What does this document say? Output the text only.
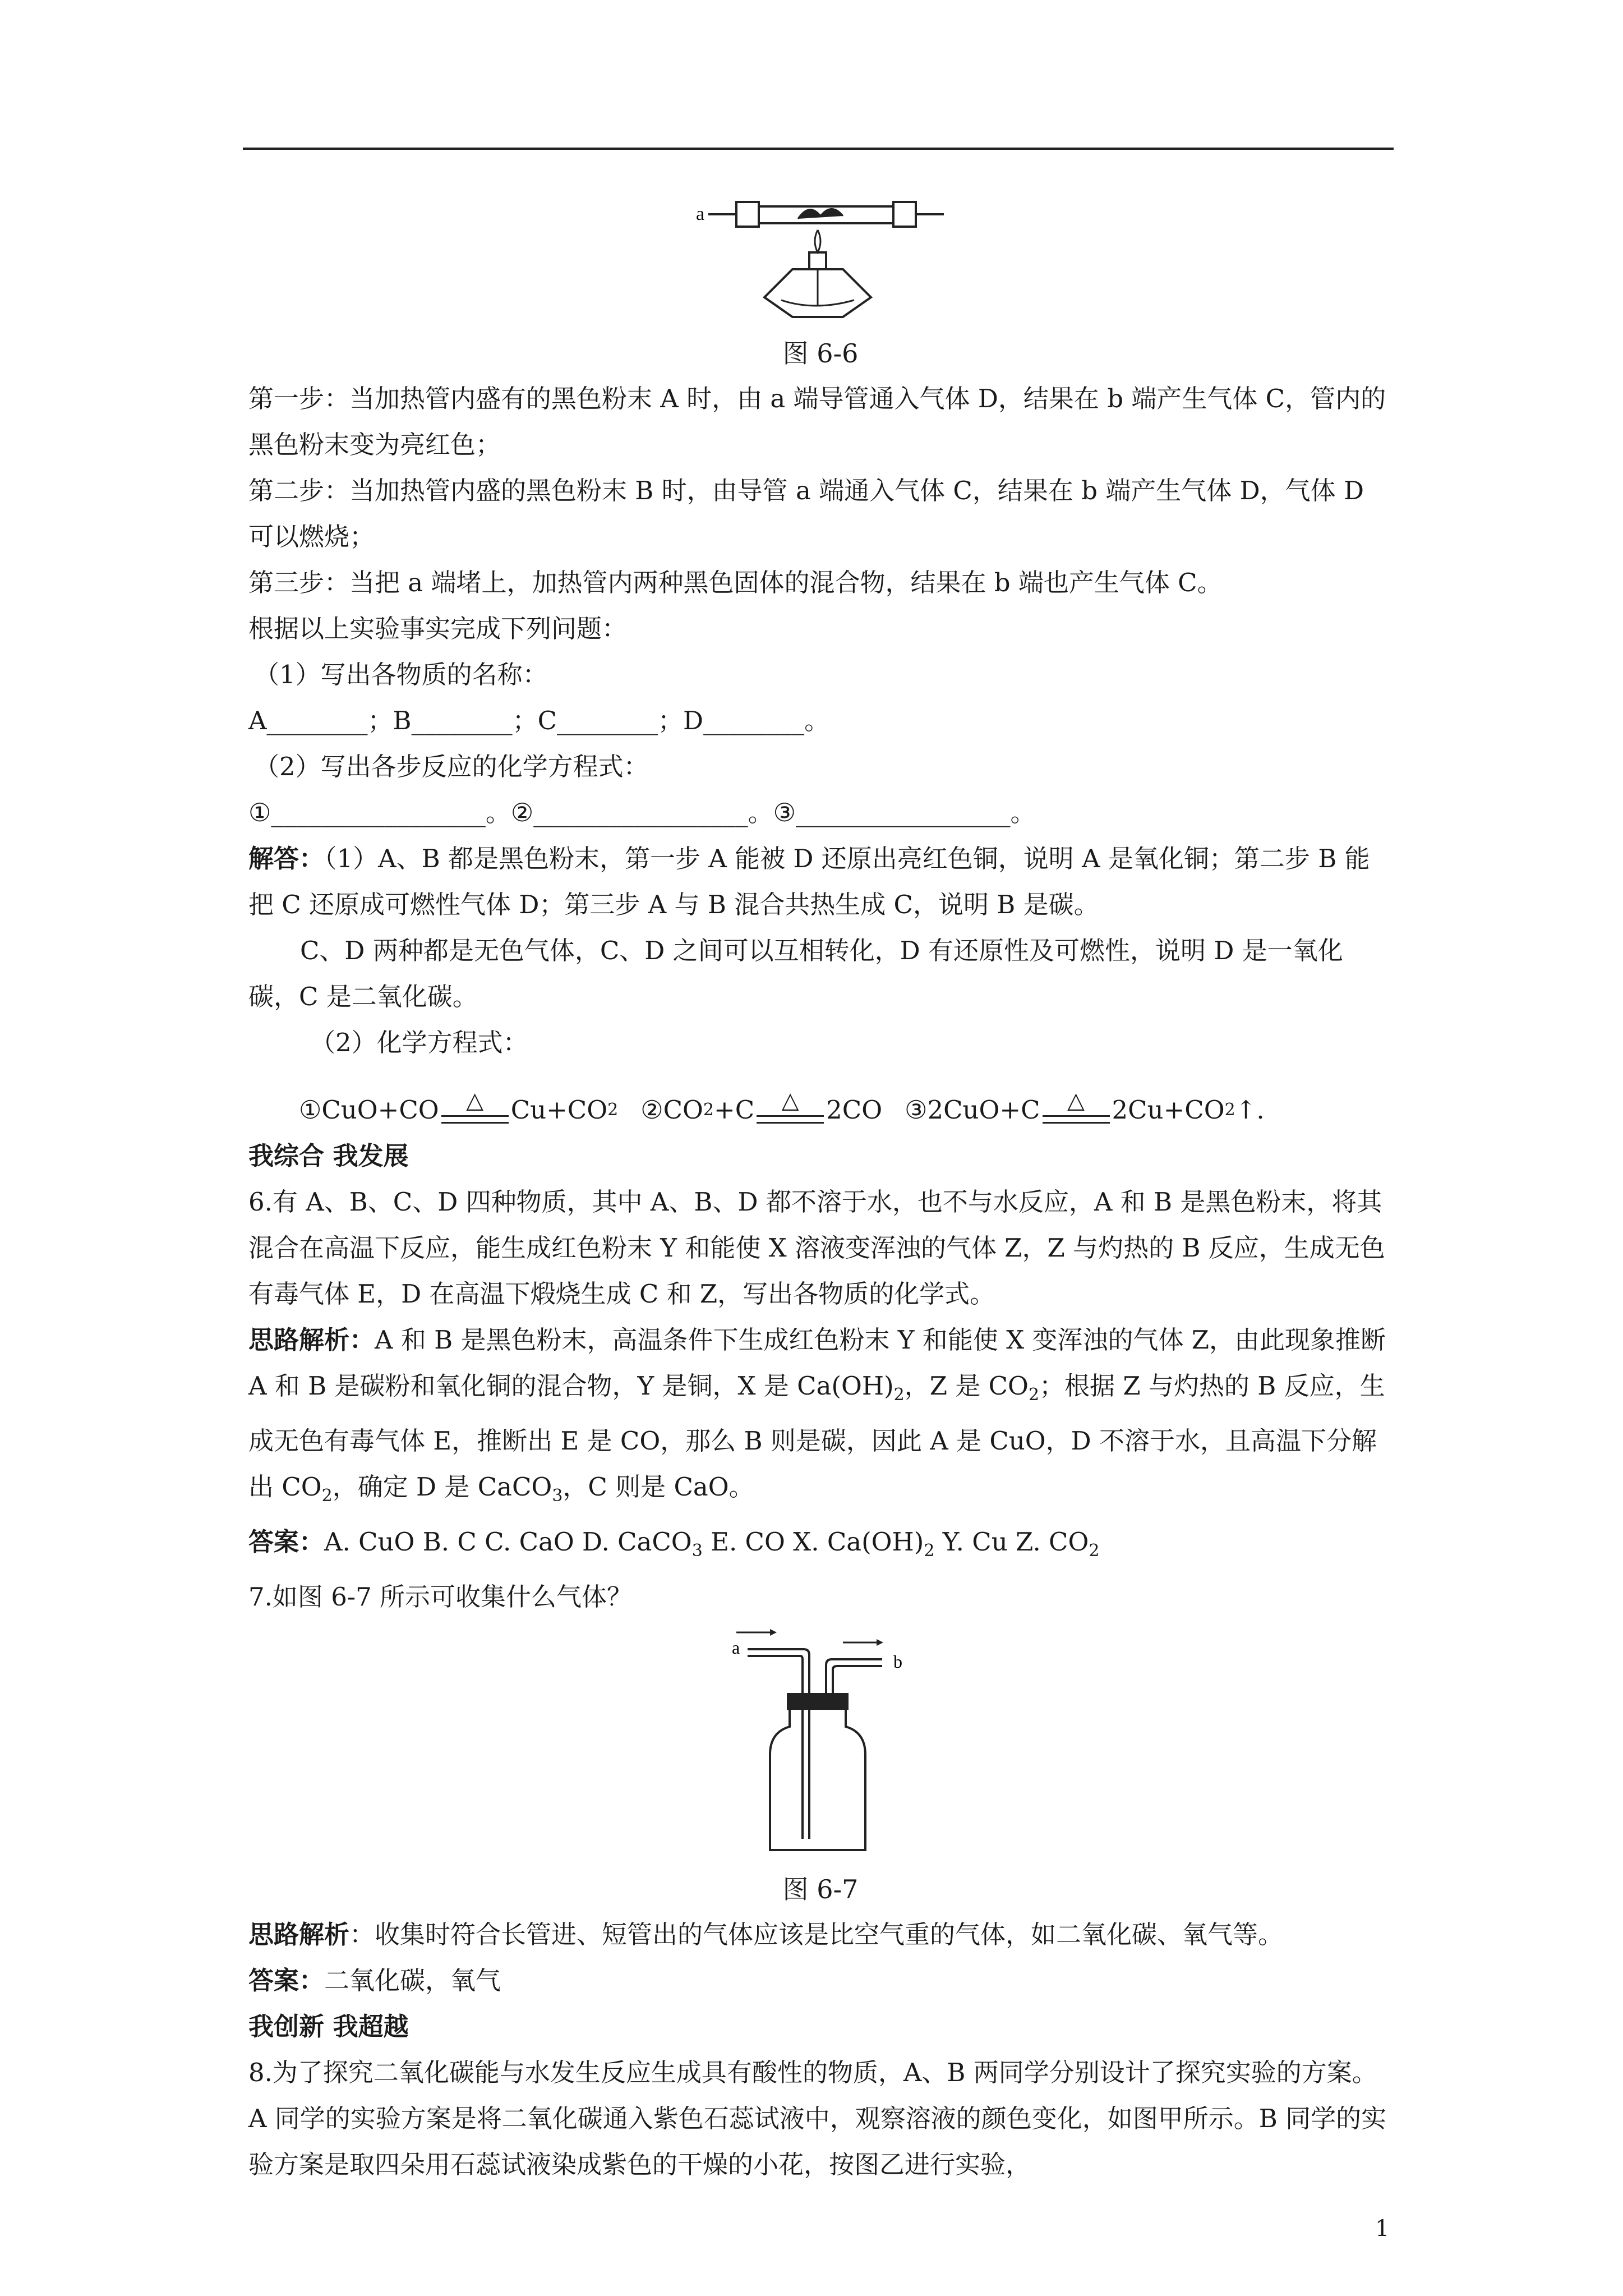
a
图 6-6

第一步：当加热管内盛有的黑色粉末 A 时，由 a 端导管通入气体 D，结果在 b 端产生气体 C，管内的黑色粉末变为亮红色；

第二步：当加热管内盛的黑色粉末 B 时，由导管 a 端通入气体 C，结果在 b 端产生气体 D，气体 D 可以燃烧；

第三步：当把 a 端堵上，加热管内两种黑色固体的混合物，结果在 b 端也产生气体 C。

根据以上实验事实完成下列问题：

（1）写出各物质的名称：

A________；B________；C________；D________。

（2）写出各步反应的化学方程式：

①_________________。②_________________。③_________________。

解答：（1）A、B 都是黑色粉末，第一步 A 能被 D 还原出亮红色铜，说明 A 是氧化铜；第二步 B 能把 C 还原成可燃性气体 D；第三步 A 与 B 混合共热生成 C，说明 B 是碳。

C、D 两种都是无色气体，C、D 之间可以互相转化，D 有还原性及可燃性，说明 D 是一氧化碳，C 是二氧化碳。

（2）化学方程式：

①CuO+CO	△	Cu+CO 2 ②CO 2 +C	△	2CO ③2CuO+C	△	2Cu+CO 2 ↑.

我综合 我发展

6.有 A、B、C、D 四种物质，其中 A、B、D 都不溶于水，也不与水反应，A 和 B 是黑色粉末，将其混合在高温下反应，能生成红色粉末 Y 和能使 X 溶液变浑浊的气体 Z，Z 与灼热的 B 反应，生成无色有毒气体 E，D 在高温下煅烧生成 C 和 Z，写出各物质的化学式。

思路解析：A 和 B 是黑色粉末，高温条件下生成红色粉末 Y 和能使 X 变浑浊的气体 Z，由此现象推断 A 和 B 是碳粉和氧化铜的混合物，Y 是铜，X 是 $Ca(OH)_2$，Z 是 $CO_2$；根据 Z 与灼热的 B 反应，生成无色有毒气体 E，推断出 E 是 CO，那么 B 则是碳，因此 A 是 CuO，D 不溶于水，且高温下分解出 $CO_2$，确定 D 是 CaCO$_3$，C 则是 CaO。

答案：A. CuO B. C C. CaO D. CaCO$_3$ E. CO X. $Ca(OH)_2$ Y. Cu Z. $CO_2$

7.如图 6-7 所示可收集什么气体？

a
b
图 6-7

思路解析：收集时符合长管进、短管出的气体应该是比空气重的气体，如二氧化碳、氧气等。

答案：二氧化碳，氧气

我创新 我超越

8.为了探究二氧化碳能与水发生反应生成具有酸性的物质，A、B 两同学分别设计了探究实验的方案。A 同学的实验方案是将二氧化碳通入紫色石蕊试液中，观察溶液的颜色变化，如图甲所示。B 同学的实验方案是取四朵用石蕊试液染成紫色的干燥的小花，按图乙进行实验，

1
